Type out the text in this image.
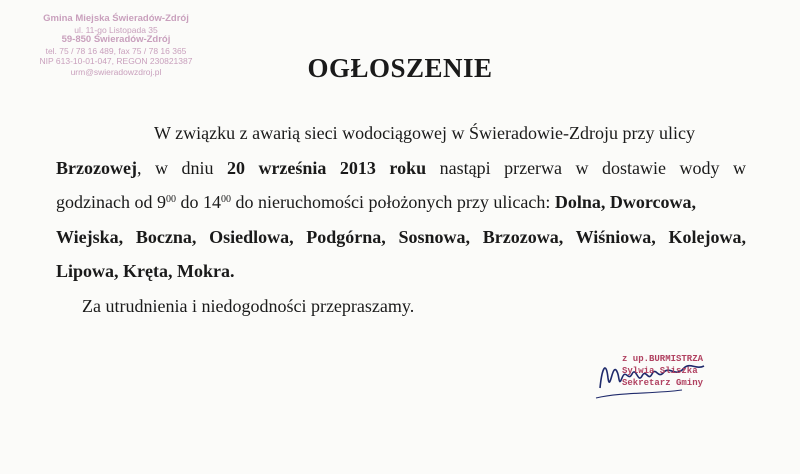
Gmina Miejska Świeradów-Zdrój
ul. 11-go Listopada 35
59-850 Świeradów-Zdrój
tel. 75 / 78 16 489, fax 75 / 78 16 365
NIP 613-10-01-047, REGON 230821387
urm@swieradowzdroj.pl	OGŁOSZENIE
W związku z awarią sieci wodociągowej w Świeradowie-Zdroju przy ulicy
Brzozowej, w dniu 20 września 2013 roku nastąpi przerwa w dostawie wody w
godzinach od $9^{00}$ do $14^{00}$ do nieruchomości położonych przy ulicach: Dolna, Dworcowa,
Wiejska, Boczna, Osiedlowa, Podgórna, Sosnowa, Brzozowa, Wiśniowa, Kolejowa,
Lipowa, Kręta, Mokra.
Za utrudnienia i niedogodności przepraszamy.
z up.BURMISTRZA
Sylwia Sliszka
Sekretarz Gminy
